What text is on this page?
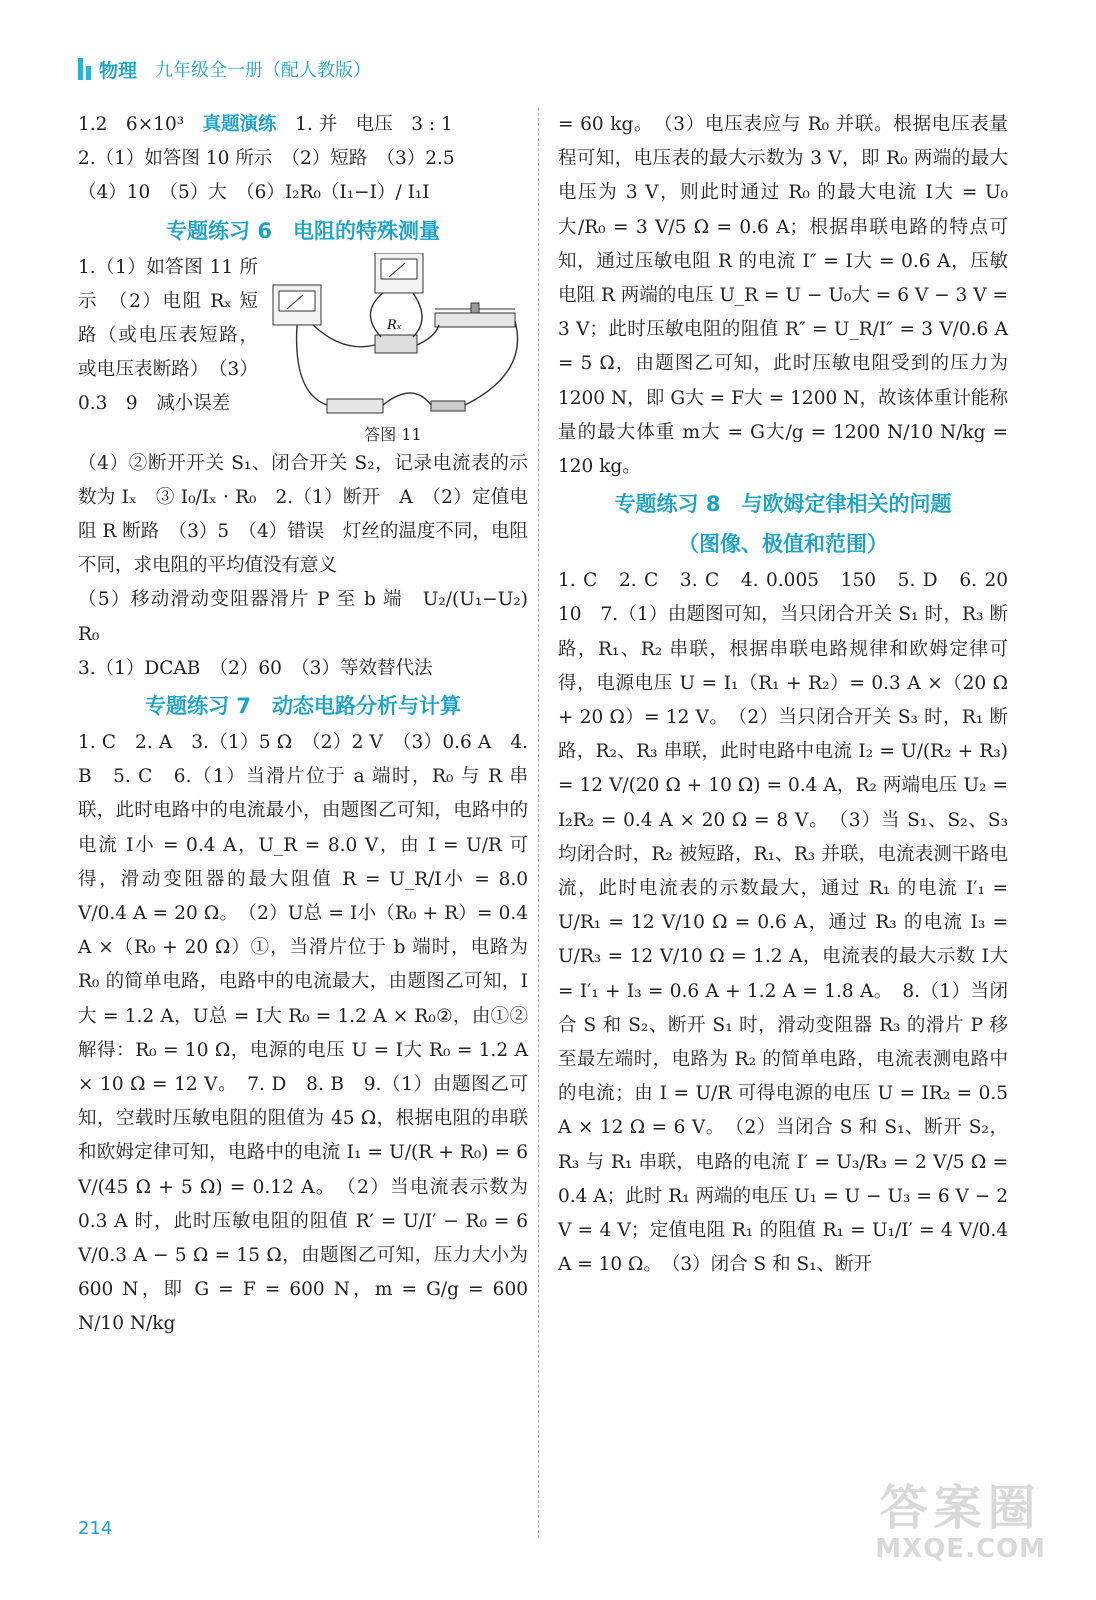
物理 九年级全一册（配人教版）

1.2　6×10³　真题演练　1. 并　电压　3 : 1

2.（1）如答图 10 所示　（2）短路　（3）2.5

（4）10　（5）大　（6）I₂R₀（I₁−I）/ I₁I

专题练习 6　电阻的特殊测量

1.（1）如答图 11 所示　（2）电阻 Rₓ 短路（或电压表短路，或电压表断路）　（3）0.3　9　减小误差

Rₓ
答图 11

（4）②断开开关 S₁、闭合开关 S₂，记录电流表的示数为 Iₓ　③ I₀/Iₓ · R₀　2.（1）断开　A　（2）定值电阻 R 断路　（3）5　（4）错误　灯丝的温度不同，电阻不同，求电阻的平均值没有意义

（5）移动滑动变阻器滑片 P 至 b 端　U₂/(U₁−U₂) R₀

3.（1）DCAB　（2）60　（3）等效替代法

专题练习 7　动态电路分析与计算

1. C　2. A　3.（1）5 Ω　（2）2 V　（3）0.6 A　4. B　5. C　6.（1）当滑片位于 a 端时，R₀ 与 R 串联，此时电路中的电流最小，由题图乙可知，电路中的电流 I小 = 0.4 A，U_R = 8.0 V，由 I = U/R 可得，滑动变阻器的最大阻值 R = U_R/I小 = 8.0 V/0.4 A = 20 Ω。　（2）U总 = I小（R₀ + R）= 0.4 A ×（R₀ + 20 Ω）①，当滑片位于 b 端时，电路为 R₀ 的简单电路，电路中的电流最大，由题图乙可知，I大 = 1.2 A，U总 = I大 R₀ = 1.2 A × R₀②，由①②解得：R₀ = 10 Ω，电源的电压 U = I大 R₀ = 1.2 A × 10 Ω = 12 V。　7. D　8. B　9.（1）由题图乙可知，空载时压敏电阻的阻值为 45 Ω，根据电阻的串联和欧姆定律可知，电路中的电流 I₁ = U/(R + R₀) = 6 V/(45 Ω + 5 Ω) = 0.12 A。　（2）当电流表示数为 0.3 A 时，此时压敏电阻的阻值 R′ = U/I′ − R₀ = 6 V/0.3 A − 5 Ω = 15 Ω，由题图乙可知，压力大小为 600 N，即 G = F = 600 N，m = G/g = 600 N/10 N/kg

= 60 kg。　（3）电压表应与 R₀ 并联。根据电压表量程可知，电压表的最大示数为 3 V，即 R₀ 两端的最大电压为 3 V，则此时通过 R₀ 的最大电流 I大 = U₀大/R₀ = 3 V/5 Ω = 0.6 A；根据串联电路的特点可知，通过压敏电阻 R 的电流 I″ = I大 = 0.6 A，压敏电阻 R 两端的电压 U_R = U − U₀大 = 6 V − 3 V = 3 V；此时压敏电阻的阻值 R″ = U_R/I″ = 3 V/0.6 A = 5 Ω，由题图乙可知，此时压敏电阻受到的压力为 1200 N，即 G大 = F大 = 1200 N，故该体重计能称量的最大体重 m大 = G大/g = 1200 N/10 N/kg = 120 kg。

专题练习 8　与欧姆定律相关的问题
（图像、极值和范围）

1. C　2. C　3. C　4. 0.005　150　5. D　6. 20　10　7.（1）由题图可知，当只闭合开关 S₁ 时，R₃ 断路，R₁、R₂ 串联，根据串联电路规律和欧姆定律可得，电源电压 U = I₁（R₁ + R₂）= 0.3 A ×（20 Ω + 20 Ω）= 12 V。　（2）当只闭合开关 S₃ 时，R₁ 断路，R₂、R₃ 串联，此时电路中电流 I₂ = U/(R₂ + R₃) = 12 V/(20 Ω + 10 Ω) = 0.4 A，R₂ 两端电压 U₂ = I₂R₂ = 0.4 A × 20 Ω = 8 V。　（3）当 S₁、S₂、S₃ 均闭合时，R₂ 被短路，R₁、R₃ 并联，电流表测干路电流，此时电流表的示数最大，通过 R₁ 的电流 I′₁ = U/R₁ = 12 V/10 Ω = 0.6 A，通过 R₃ 的电流 I₃ = U/R₃ = 12 V/10 Ω = 1.2 A，电流表的最大示数 I大 = I′₁ + I₃ = 0.6 A + 1.2 A = 1.8 A。　8.（1）当闭合 S 和 S₂、断开 S₁ 时，滑动变阻器 R₃ 的滑片 P 移至最左端时，电路为 R₂ 的简单电路，电流表测电路中的电流；由 I = U/R 可得电源的电压 U = IR₂ = 0.5 A × 12 Ω = 6 V。　（2）当闭合 S 和 S₁、断开 S₂，R₃ 与 R₁ 串联，电路的电流 I′ = U₃/R₃ = 2 V/5 Ω = 0.4 A；此时 R₁ 两端的电压 U₁ = U − U₃ = 6 V − 2 V = 4 V；定值电阻 R₁ 的阻值 R₁ = U₁/I′ = 4 V/0.4 A = 10 Ω。　（3）闭合 S 和 S₁、断开

214	答案圈
MXQE.COM
